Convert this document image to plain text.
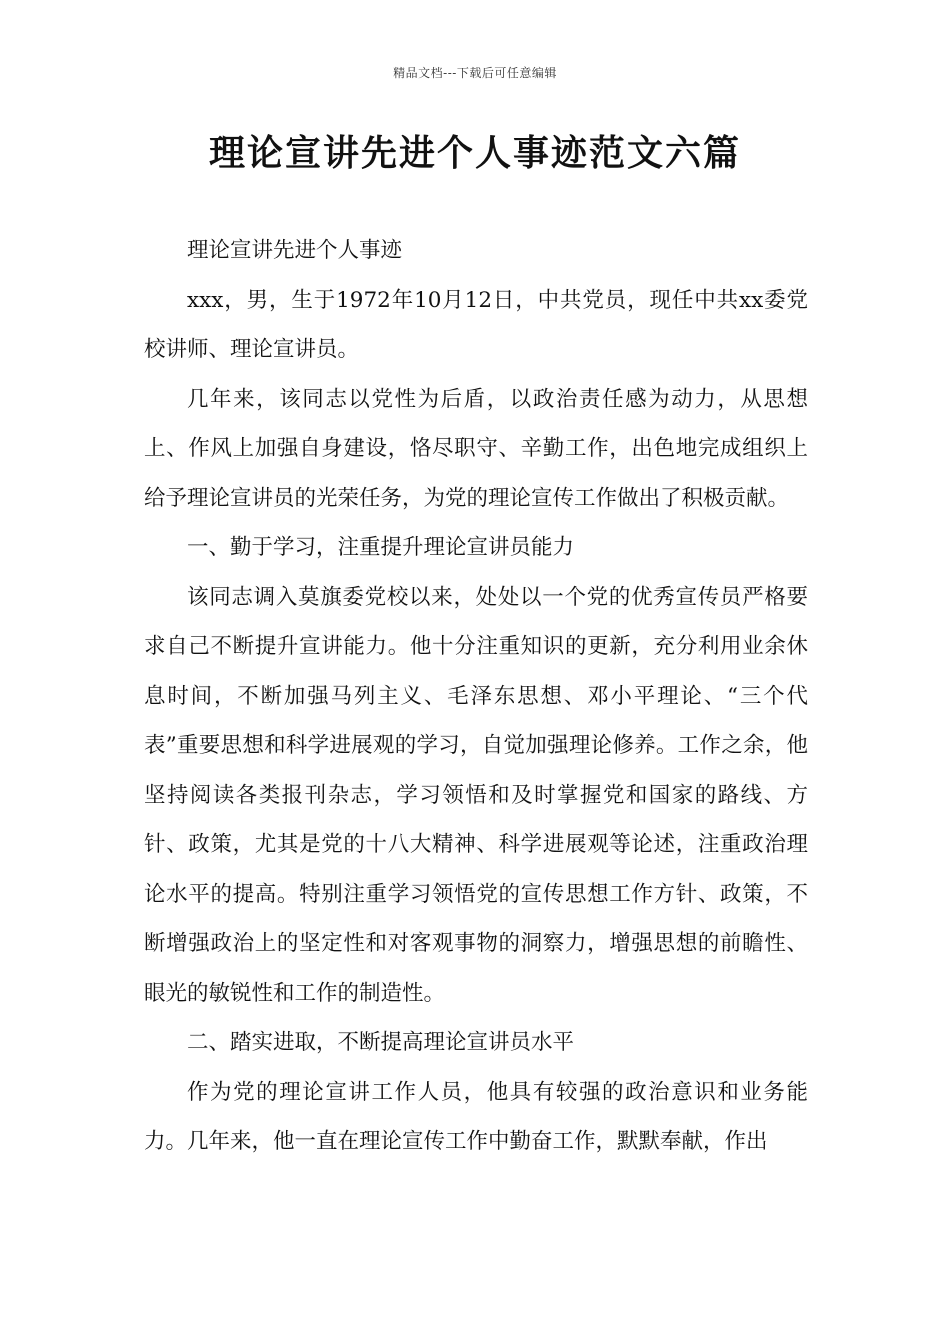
精品文档---下载后可任意编辑
理论宣讲先进个人事迹范文六篇

理论宣讲先进个人事迹

xxx，男，生于1972年10月12日，中共党员，现任中共xx委党校讲师、理论宣讲员。

几年来，该同志以党性为后盾，以政治责任感为动力，从思想上、作风上加强自身建设，恪尽职守、辛勤工作，出色地完成组织上给予理论宣讲员的光荣任务，为党的理论宣传工作做出了积极贡献。

一、勤于学习，注重提升理论宣讲员能力

该同志调入莫旗委党校以来，处处以一个党的优秀宣传员严格要求自己不断提升宣讲能力。他十分注重知识的更新，充分利用业余休息时间，不断加强马列主义、毛泽东思想、邓小平理论、“三个代表”重要思想和科学进展观的学习，自觉加强理论修养。工作之余，他坚持阅读各类报刊杂志，学习领悟和及时掌握党和国家的路线、方针、政策，尤其是党的十八大精神、科学进展观等论述，注重政治理论水平的提高。特别注重学习领悟党的宣传思想工作方针、政策，不断增强政治上的坚定性和对客观事物的洞察力，增强思想的前瞻性、眼光的敏锐性和工作的制造性。

二、踏实进取，不断提高理论宣讲员水平

作为党的理论宣讲工作人员，他具有较强的政治意识和业务能力。几年来，他一直在理论宣传工作中勤奋工作，默默奉献，作出
